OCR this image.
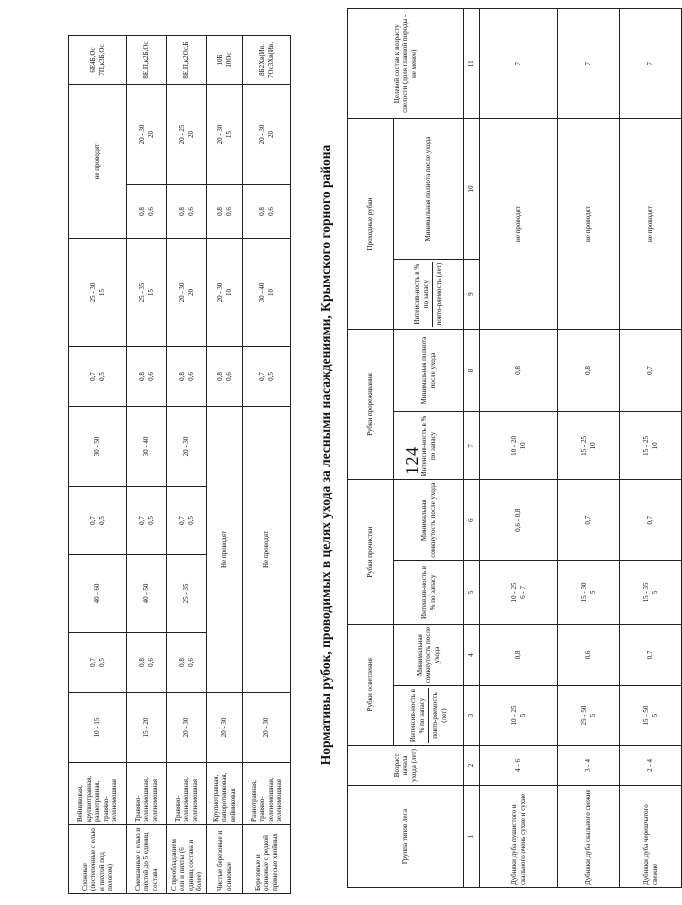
Сложные (постепенные с елью и пихтой под пологом)	Вейниковая, крупнотравная, разнотравная, травяно-зеленомошная	10 - 15	0,7 0,5	40 - 60	0,7 0,5	30 - 50	0,7 0,5	25 - 30 15	не проводят		6Е4Б,Ос 7П,к3Б,Ос

Смешанные с елью и пихтой до 5 единиц состава	Травяно-зеленомошная, зеленомошная	15 - 20	0,8 0,6	40 - 50	0,7 0,5	30 - 40	0,8 0,6	25 - 35 15	0,8 0,6	20 - 30 20	8Е,П,к2Б,Ос

С преобладанием ели и пихты (6 единиц состава и более)	Травяно-зеленомошная, зеленомошная	20 - 30	0,8 0,6	25 - 35	0,7 0,5	20 - 30	0,8 0,6	20 - 30 20	0,8 0,6	20 - 25 20	8Е,П,к2Ос,Б

Чистые березовые и осиновые	Крупнотравная, папоротниковая, вейниковая	20 - 30	Не проводят				0,8 0,6	20 - 30 10	0,8 0,6	20 - 30 15	10Б 10Ос

Березовые и осиновые с редкой примесью хвойных	Разнотравная, травяно-зеленомошная, зеленомошная	20 - 30	Не проводят				0,7 0,5	30 - 40 10	0,8 0,6	20 - 30 20	8Б2Хв(Ив. 7Ос3Хв(Ив.
124
Нормативы рубок, проводимых в целях ухода за лесными насаждениями, Крымского горного района
Группа типов леса	Возраст начала ухода (лет)	Рубки осветления		Рубки прочистки		Рубки прореживания		Проходные рубки		Целевой состав к возрасту спелости (доля главной породы - не менее)

		Интенсив-ность в % по запасу повто-ряемость (лет)	Минимальная сомкнутость после ухода	Интенсив-ность в % по запасу	Минимальная сомкнутость после ухода	Интенсив-ность в % по запасу	Минимальная полнота после ухода	Интенсив-ность в % по запасу повто-ряемость (лет)	Минимальная полнота после ухода	
1	2	3	4	5	6	7	8	9	10	11
Дубняки дуба пушистого и скального очень сухие и сухие	4 - 6	10 - 25 5	0,8	10 - 25 6 - 7	0,6 - 0,8	10 - 20 10	0,8	не проводят		7
Дубняки дуба скального свежие	3 - 4	25 - 50 5	0,6	15 - 30 5	0,7	15 - 25 10	0,8	не проводят		7
Дубняки дуба черешчатого свежие	2 - 4	15 - 50 5	0,7	15 - 35 5	0,7	15 - 25 10	0,7	не проводят		7
